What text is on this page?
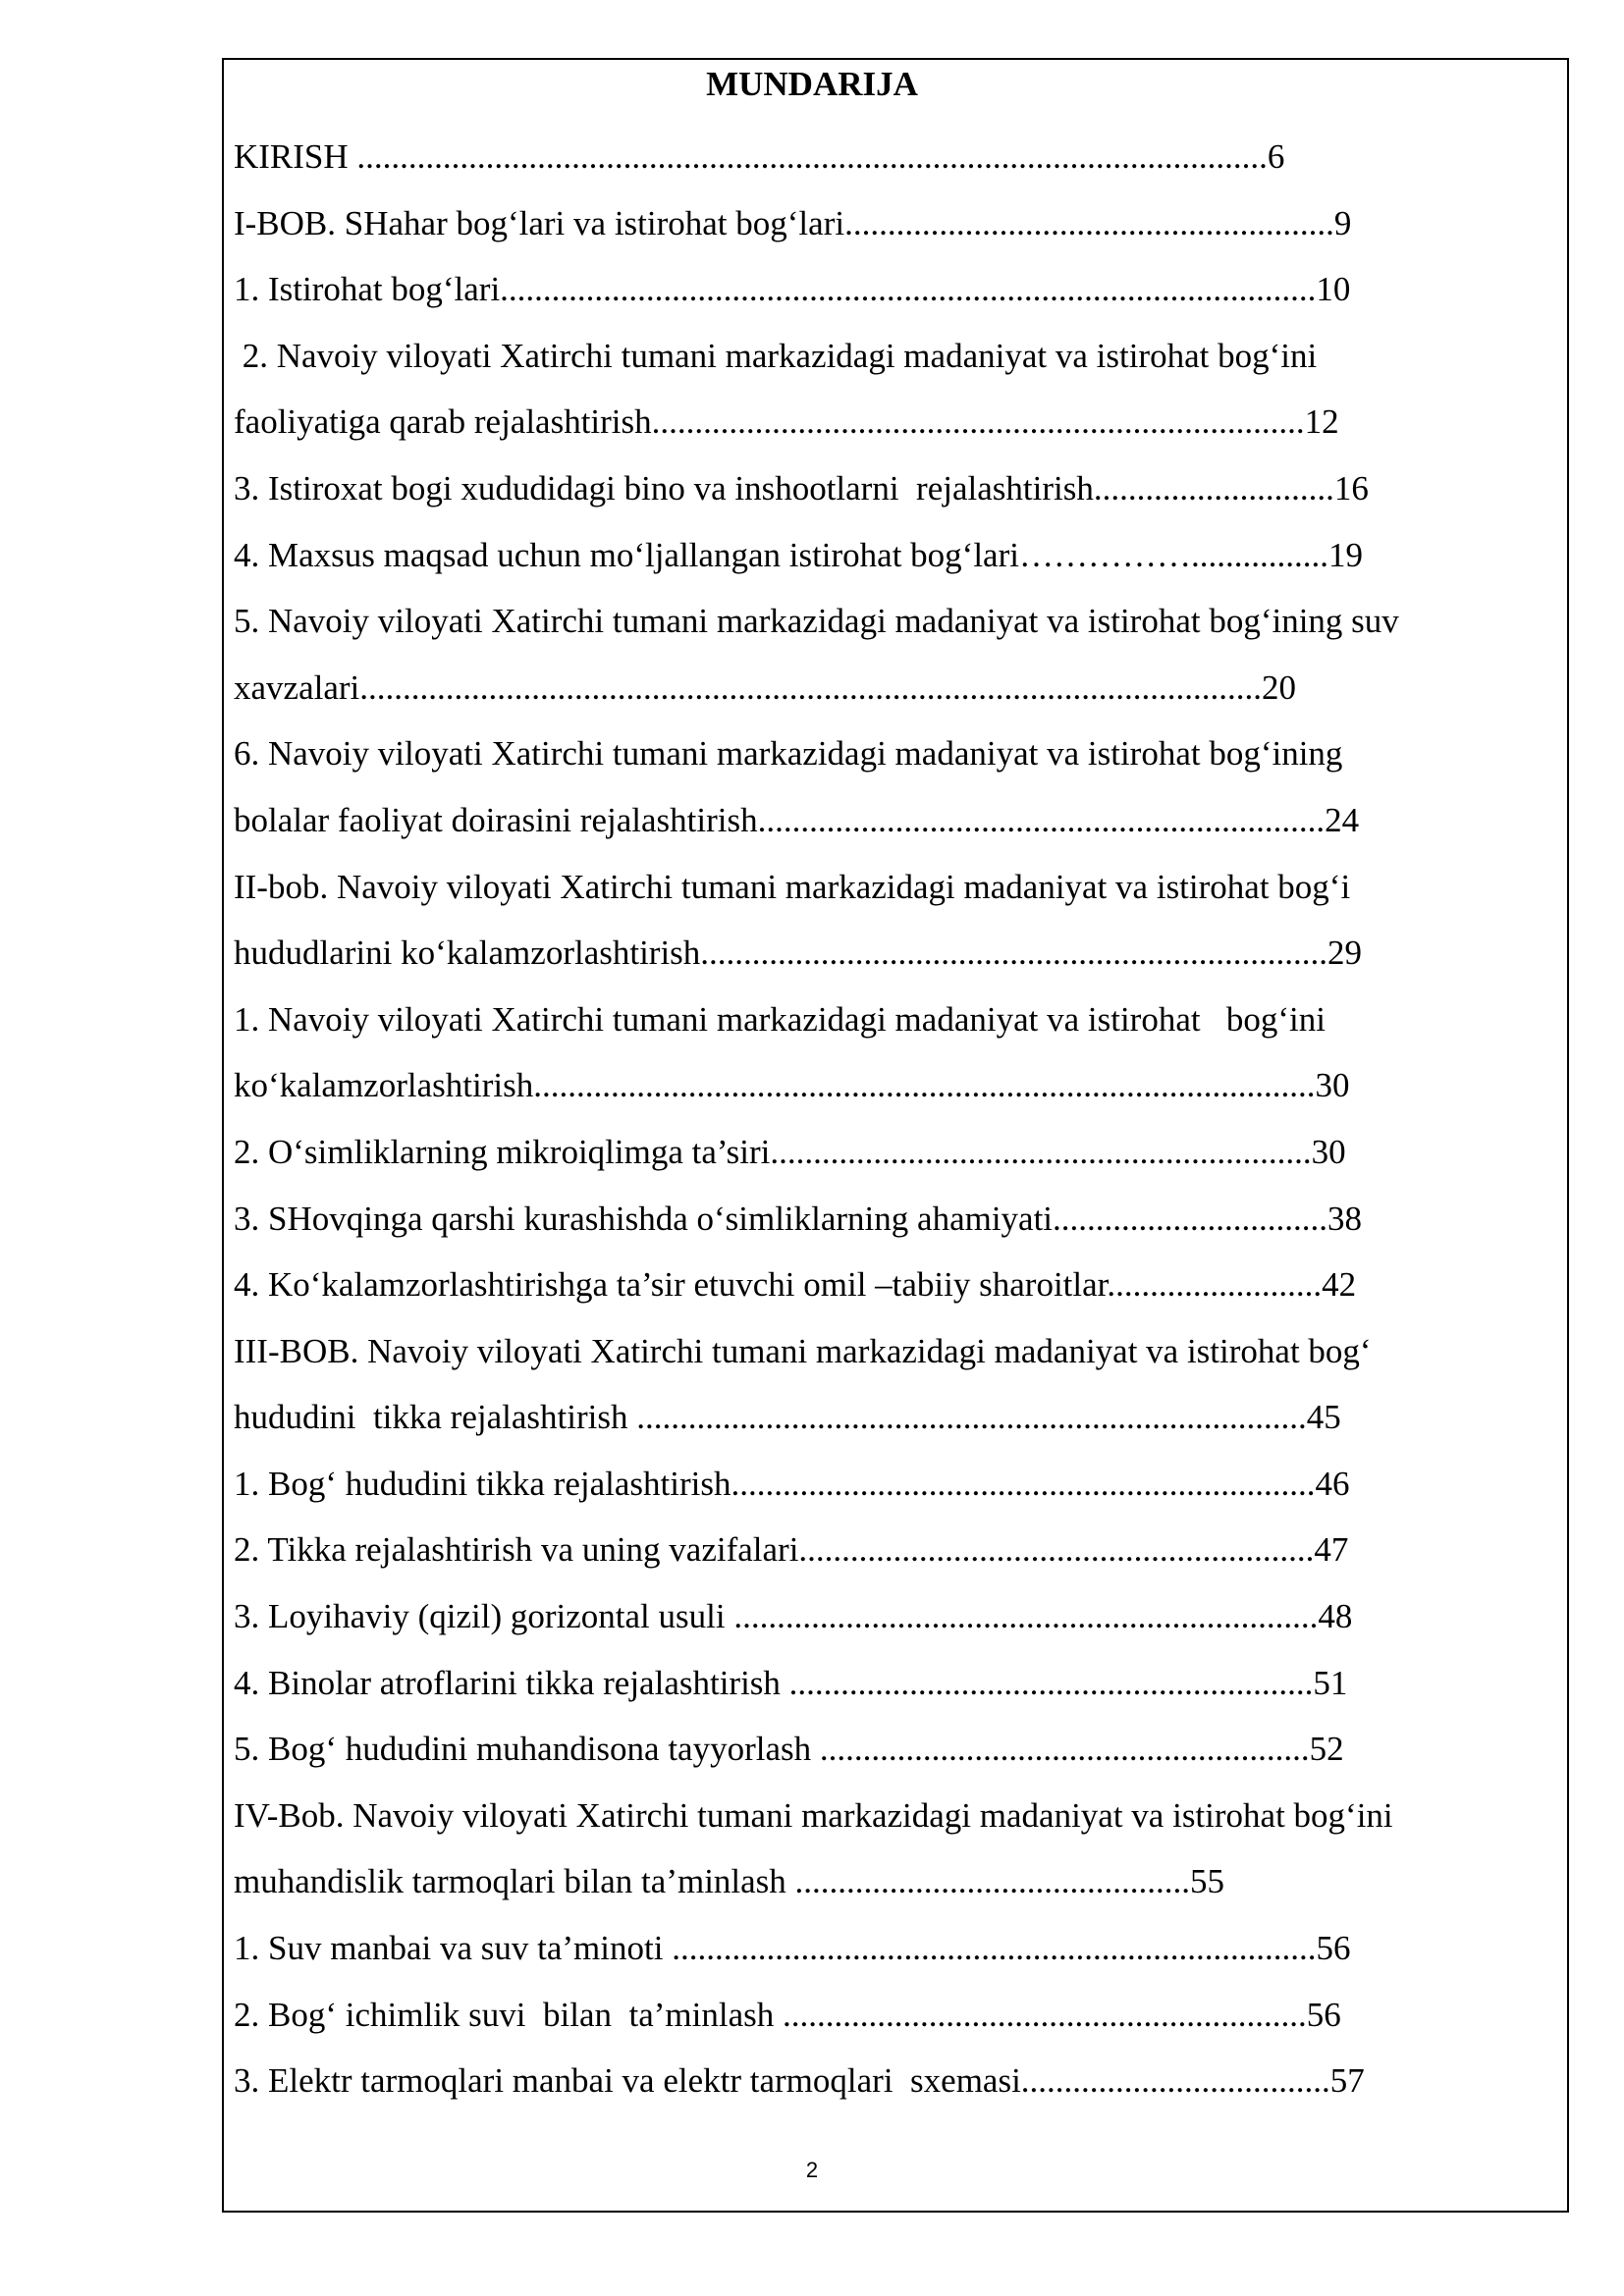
MUNDARIJA
KIRISH ..........................................................................................................6
I-BOB. SHahar bog‘lari va istirohat bog‘lari.........................................................9
1. Istirohat bog‘lari...............................................................................................10
2. Navoiy viloyati Xatirchi tumani markazidagi madaniyat va istirohat bog‘ini
faoliyatiga qarab rejalashtirish............................................................................12
3. Istiroxat bogi xududidagi bino va inshootlarni  rejalashtirish............................16
4. Maxsus maqsad uchun mo‘ljallangan istirohat bog‘lari……………................19
5. Navoiy viloyati Xatirchi tumani markazidagi madaniyat va istirohat bog‘ining suv
xavzalari.........................................................................................................20
6. Navoiy viloyati Xatirchi tumani markazidagi madaniyat va istirohat bog‘ining
bolalar faoliyat doirasini rejalashtirish..................................................................24
II-bob. Navoiy viloyati Xatirchi tumani markazidagi madaniyat va istirohat bog‘i
hududlarini ko‘kalamzorlashtirish.........................................................................29
1. Navoiy viloyati Xatirchi tumani markazidagi madaniyat va istirohat   bog‘ini
ko‘kalamzorlashtirish...........................................................................................30
2. O‘simliklarning mikroiqlimga ta’siri...............................................................30
3. SHovqinga qarshi kurashishda o‘simliklarning ahamiyati................................38
4. Ko‘kalamzorlashtirishga ta’sir etuvchi omil –tabiiy sharoitlar.........................42
III-BOB. Navoiy viloyati Xatirchi tumani markazidagi madaniyat va istirohat bog‘
hududini  tikka rejalashtirish ..............................................................................45
1. Bog‘ hududini tikka rejalashtirish....................................................................46
2. Tikka rejalashtirish va uning vazifalari............................................................47
3. Loyihaviy (qizil) gorizontal usuli ....................................................................48
4. Binolar atroflarini tikka rejalashtirish .............................................................51
5. Bog‘ hududini muhandisona tayyorlash .........................................................52
IV-Bob. Navoiy viloyati Xatirchi tumani markazidagi madaniyat va istirohat bog‘ini
muhandislik tarmoqlari bilan ta’minlash ..............................................55
1. Suv manbai va suv ta’minoti ...........................................................................56
2. Bog‘ ichimlik suvi  bilan  ta’minlash .............................................................56
3. Elektr tarmoqlari manbai va elektr tarmoqlari  sxemasi....................................57
2
